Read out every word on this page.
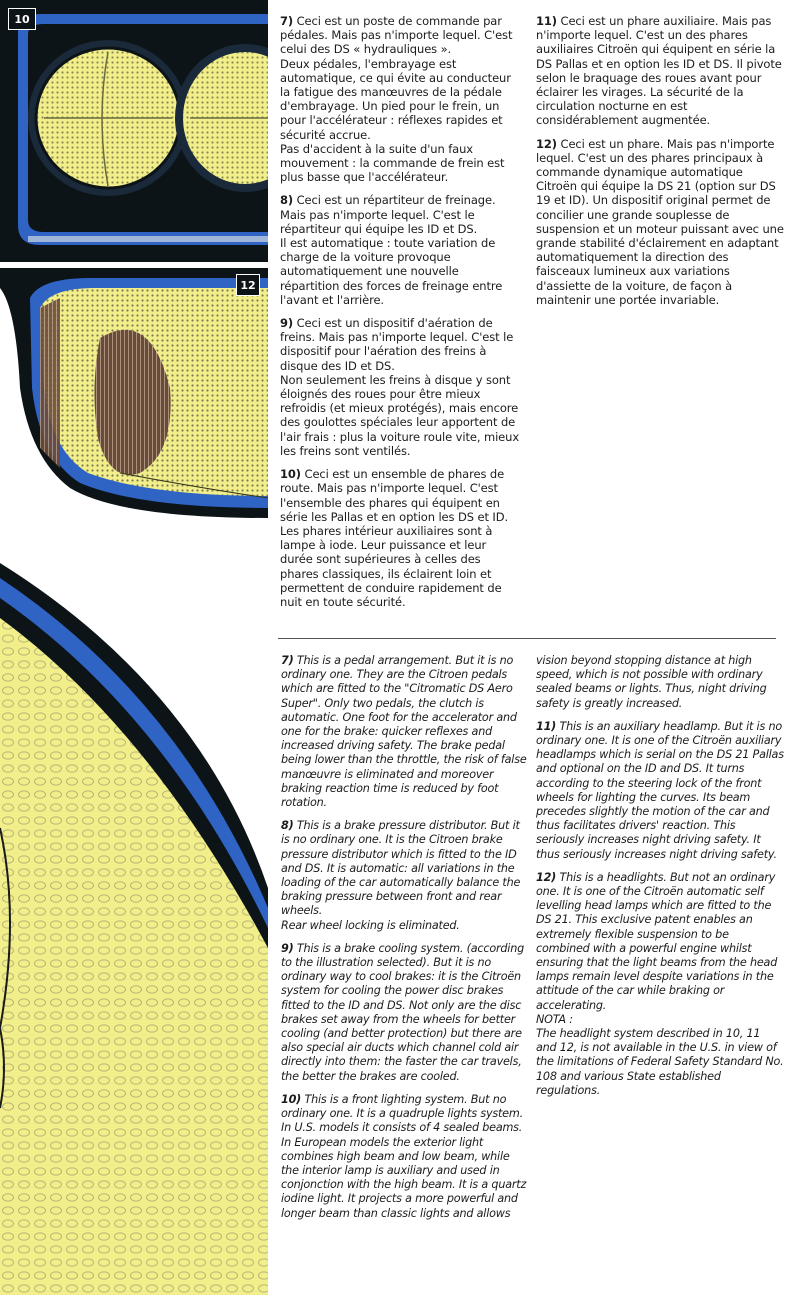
10
12

7) Ceci est un poste de commande par pédales. Mais pas n'importe lequel. C'est celui des DS « hydrauliques ».
Deux pédales, l'embrayage est automatique, ce qui évite au conducteur la fatigue des manœuvres de la pédale d'embrayage. Un pied pour le frein, un pour l'accélérateur : réflexes rapides et sécurité accrue.
Pas d'accident à la suite d'un faux mouvement : la commande de frein est plus basse que l'accélérateur.

8) Ceci est un répartiteur de freinage. Mais pas n'importe lequel. C'est le répartiteur qui équipe les ID et DS.
Il est automatique : toute variation de charge de la voiture provoque automatiquement une nouvelle répartition des forces de freinage entre l'avant et l'arrière.

9) Ceci est un dispositif d'aération de freins. Mais pas n'importe lequel. C'est le dispositif pour l'aération des freins à disque des ID et DS.
Non seulement les freins à disque y sont éloignés des roues pour être mieux refroidis (et mieux protégés), mais encore des goulottes spéciales leur apportent de l'air frais : plus la voiture roule vite, mieux les freins sont ventilés.

10) Ceci est un ensemble de phares de route. Mais pas n'importe lequel. C'est l'ensemble des phares qui équipent en série les Pallas et en option les DS et ID. Les phares intérieur auxiliaires sont à lampe à iode. Leur puissance et leur durée sont supérieures à celles des phares classiques, ils éclairent loin et permettent de conduire rapidement de nuit en toute sécurité.

11) Ceci est un phare auxiliaire. Mais pas n'importe lequel. C'est un des phares auxiliaires Citroën qui équipent en série la DS Pallas et en option les ID et DS. Il pivote selon le braquage des roues avant pour éclairer les virages. La sécurité de la circulation nocturne en est considérablement augmentée.

12) Ceci est un phare. Mais pas n'importe lequel. C'est un des phares principaux à commande dynamique automatique Citroën qui équipe la DS 21 (option sur DS 19 et ID). Un dispositif original permet de concilier une grande souplesse de suspension et un moteur puissant avec une grande stabilité d'éclairement en adaptant automatiquement la direction des faisceaux lumineux aux variations d'assiette de la voiture, de façon à maintenir une portée invariable.

7) This is a pedal arrangement. But it is no ordinary one. They are the Citroen pedals which are fitted to the "Citromatic DS Aero Super". Only two pedals, the clutch is automatic. One foot for the accelerator and one for the brake: quicker reflexes and increased driving safety. The brake pedal being lower than the throttle, the risk of false manœuvre is eliminated and moreover braking reaction time is reduced by foot rotation.

8) This is a brake pressure distributor. But it is no ordinary one. It is the Citroen brake pressure distributor which is fitted to the ID and DS. It is automatic: all variations in the loading of the car automatically balance the braking pressure between front and rear wheels.
Rear wheel locking is eliminated.

9) This is a brake cooling system. (according to the illustration selected). But it is no ordinary way to cool brakes: it is the Citroën system for cooling the power disc brakes fitted to the ID and DS. Not only are the disc brakes set away from the wheels for better cooling (and better protection) but there are also special air ducts which channel cold air directly into them: the faster the car travels, the better the brakes are cooled.

10) This is a front lighting system. But no ordinary one. It is a quadruple lights system. In U.S. models it consists of 4 sealed beams. In European models the exterior light combines high beam and low beam, while the interior lamp is auxiliary and used in conjonction with the high beam. It is a quartz iodine light. It projects a more powerful and longer beam than classic lights and allows

vision beyond stopping distance at high speed, which is not possible with ordinary sealed beams or lights. Thus, night driving safety is greatly increased.

11) This is an auxiliary headlamp. But it is no ordinary one. It is one of the Citroën auxiliary headlamps which is serial on the DS 21 Pallas and optional on the ID and DS. It turns according to the steering lock of the front wheels for lighting the curves. Its beam precedes slightly the motion of the car and thus facilitates drivers' reaction. This seriously increases night driving safety. It thus seriously increases night driving safety.

12) This is a headlights. But not an ordinary one. It is one of the Citroën automatic self levelling head lamps which are fitted to the DS 21. This exclusive patent enables an extremely flexible suspension to be combined with a powerful engine whilst ensuring that the light beams from the head lamps remain level despite variations in the attitude of the car while braking or accelerating.
NOTA :
The headlight system described in 10, 11 and 12, is not available in the U.S. in view of the limitations of Federal Safety Standard No. 108 and various State established regulations.
